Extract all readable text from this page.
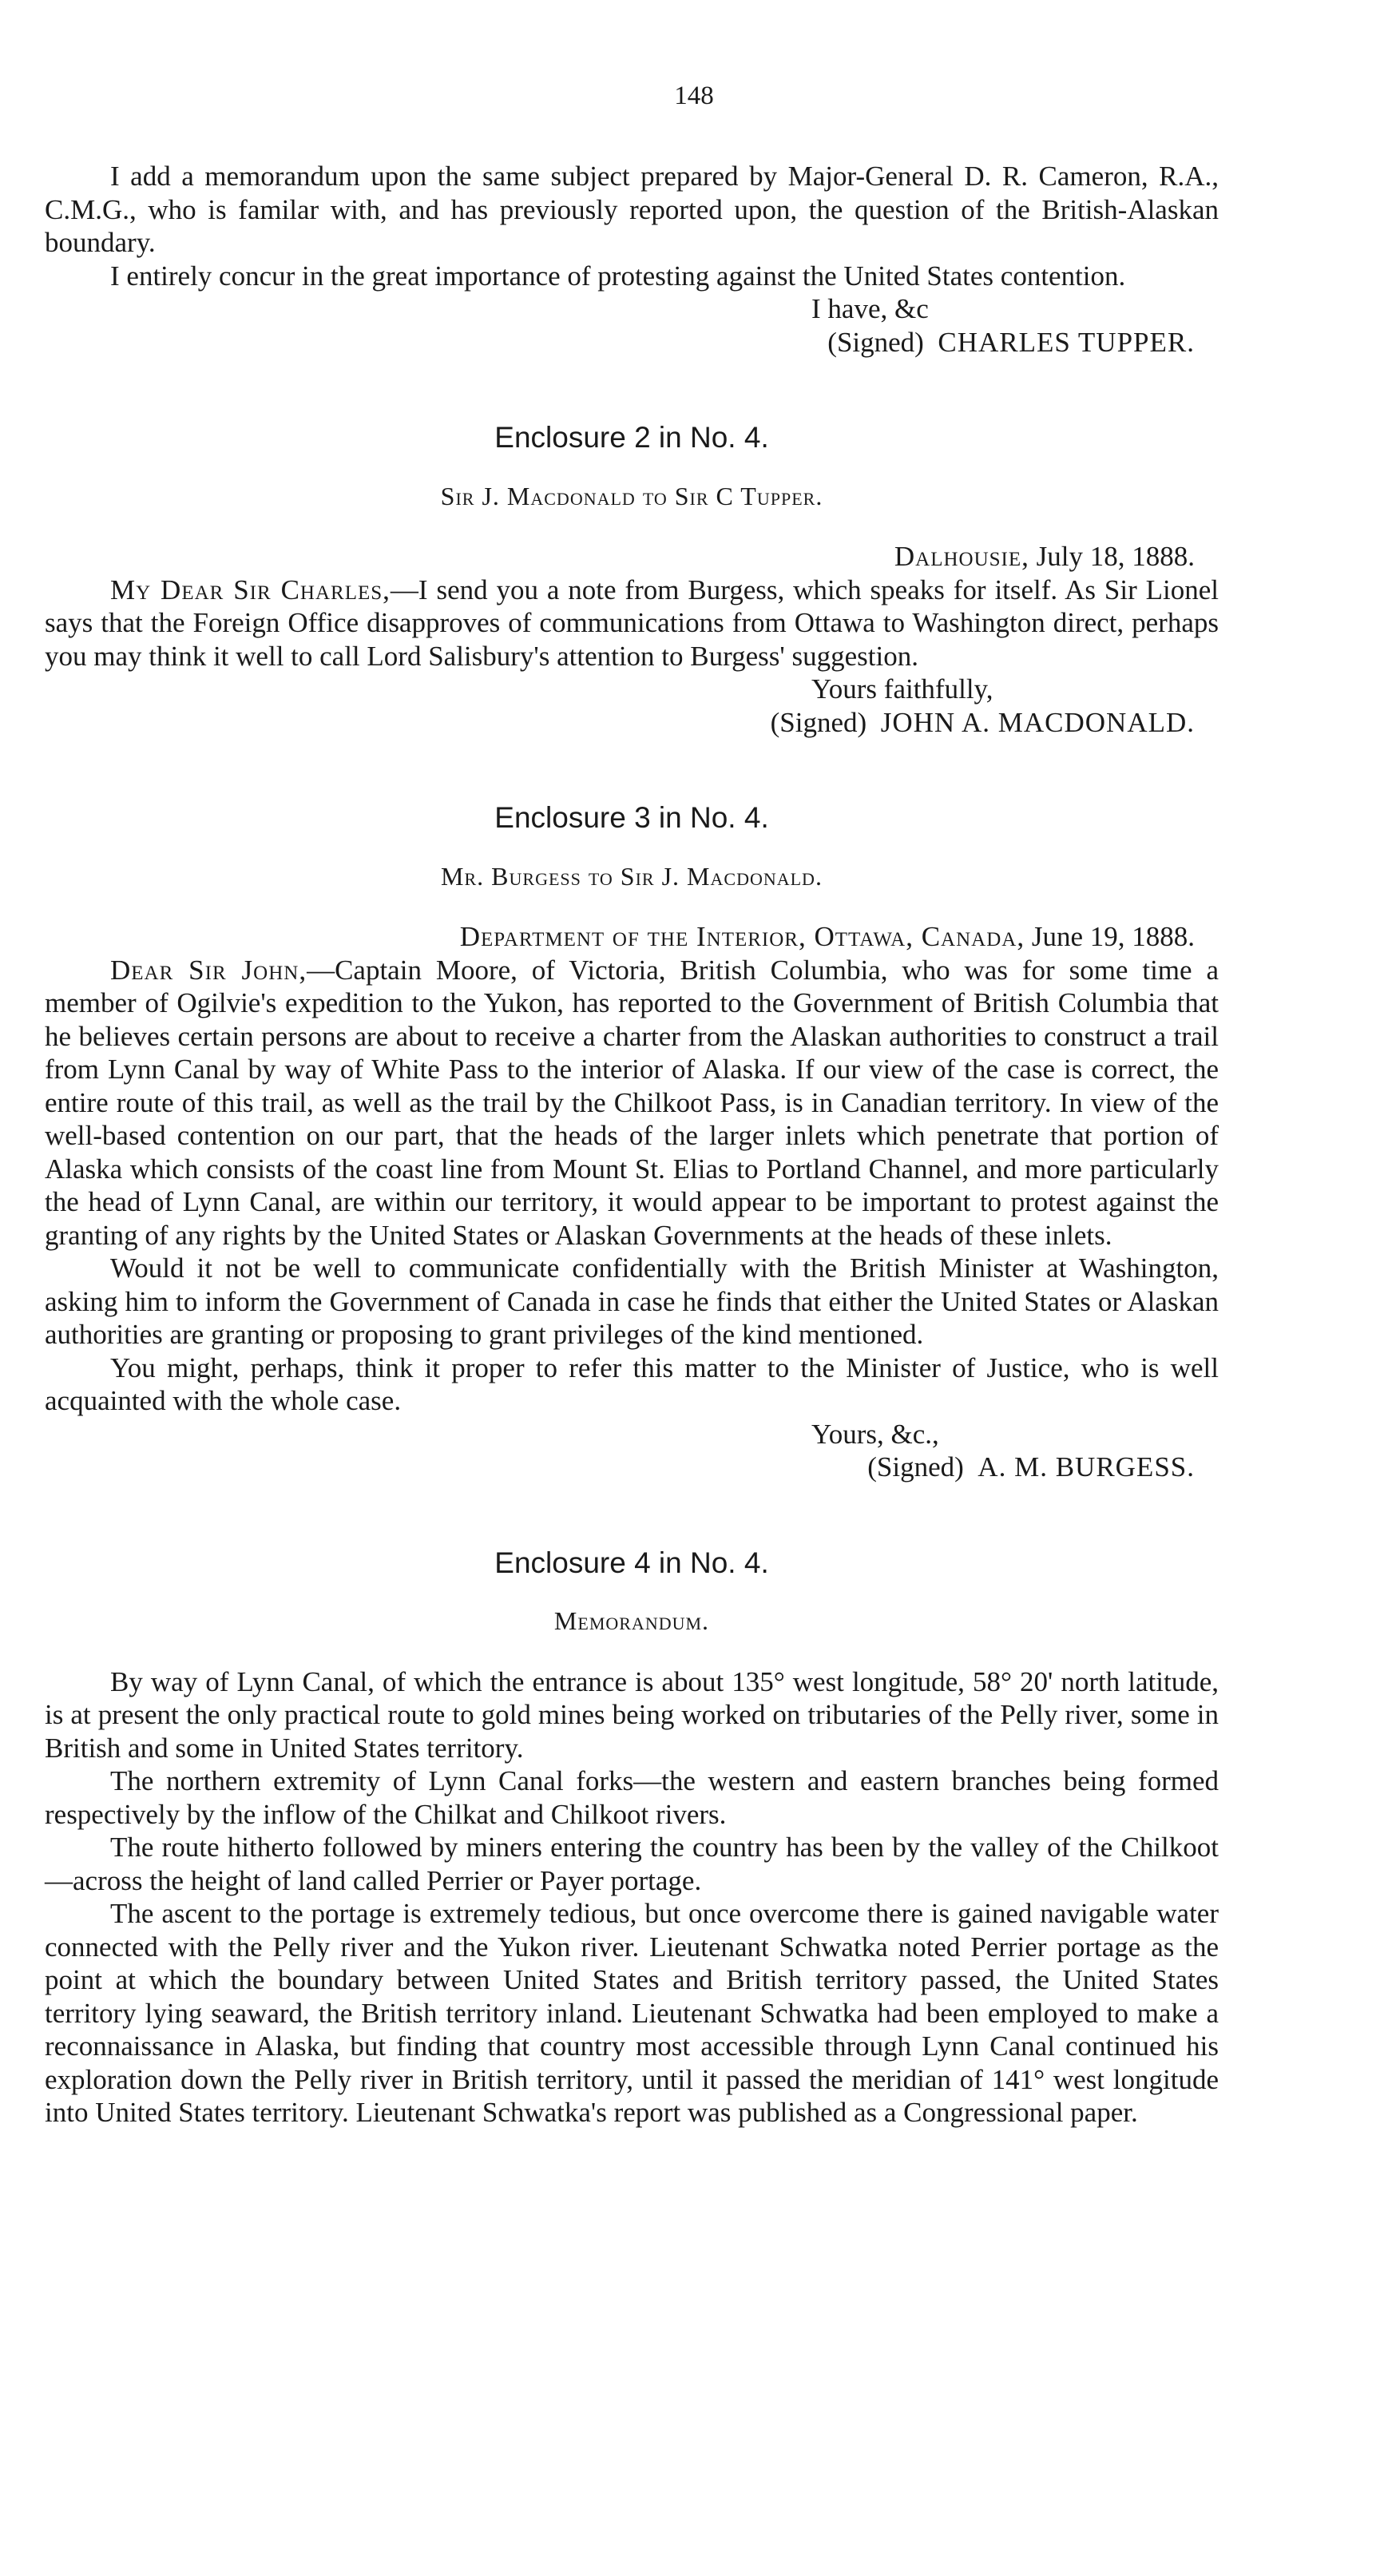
148

I add a memorandum upon the same subject prepared by Major-General D. R. Cameron, R.A., C.M.G., who is familar with, and has previously reported upon, the question of the British-Alaskan boundary.

I entirely concur in the great importance of protesting against the United States contention.

I have, &c

(Signed) CHARLES TUPPER.

Enclosure 2 in No. 4.
Sir J. Macdonald to Sir C Tupper.

Dalhousie, July 18, 1888.

My Dear Sir Charles,—I send you a note from Burgess, which speaks for itself. As Sir Lionel says that the Foreign Office disapproves of communications from Ottawa to Washington direct, perhaps you may think it well to call Lord Salisbury's attention to Burgess' suggestion.

Yours faithfully,

(Signed) JOHN A. MACDONALD.

Enclosure 3 in No. 4.
Mr. Burgess to Sir J. Macdonald.

Department of the Interior, Ottawa, Canada, June 19, 1888.

Dear Sir John,—Captain Moore, of Victoria, British Columbia, who was for some time a member of Ogilvie's expedition to the Yukon, has reported to the Government of British Columbia that he believes certain persons are about to receive a charter from the Alaskan authorities to construct a trail from Lynn Canal by way of White Pass to the interior of Alaska. If our view of the case is correct, the entire route of this trail, as well as the trail by the Chilkoot Pass, is in Canadian territory. In view of the well-based contention on our part, that the heads of the larger inlets which penetrate that portion of Alaska which consists of the coast line from Mount St. Elias to Portland Channel, and more particularly the head of Lynn Canal, are within our territory, it would appear to be important to protest against the granting of any rights by the United States or Alaskan Governments at the heads of these inlets.

Would it not be well to communicate confidentially with the British Minister at Washington, asking him to inform the Government of Canada in case he finds that either the United States or Alaskan authorities are granting or proposing to grant privileges of the kind mentioned.

You might, perhaps, think it proper to refer this matter to the Minister of Justice, who is well acquainted with the whole case.

Yours, &c.,

(Signed) A. M. BURGESS.

Enclosure 4 in No. 4.
Memorandum.

By way of Lynn Canal, of which the entrance is about 135° west longitude, 58° 20' north latitude, is at present the only practical route to gold mines being worked on tributaries of the Pelly river, some in British and some in United States territory.

The northern extremity of Lynn Canal forks—the western and eastern branches being formed respectively by the inflow of the Chilkat and Chilkoot rivers.

The route hitherto followed by miners entering the country has been by the valley of the Chilkoot—across the height of land called Perrier or Payer portage.

The ascent to the portage is extremely tedious, but once overcome there is gained navigable water connected with the Pelly river and the Yukon river. Lieutenant Schwatka noted Perrier portage as the point at which the boundary between United States and British territory passed, the United States territory lying seaward, the British territory inland. Lieutenant Schwatka had been employed to make a reconnaissance in Alaska, but finding that country most accessible through Lynn Canal continued his exploration down the Pelly river in British territory, until it passed the meridian of 141° west longitude into United States territory. Lieutenant Schwatka's report was published as a Congressional paper.
